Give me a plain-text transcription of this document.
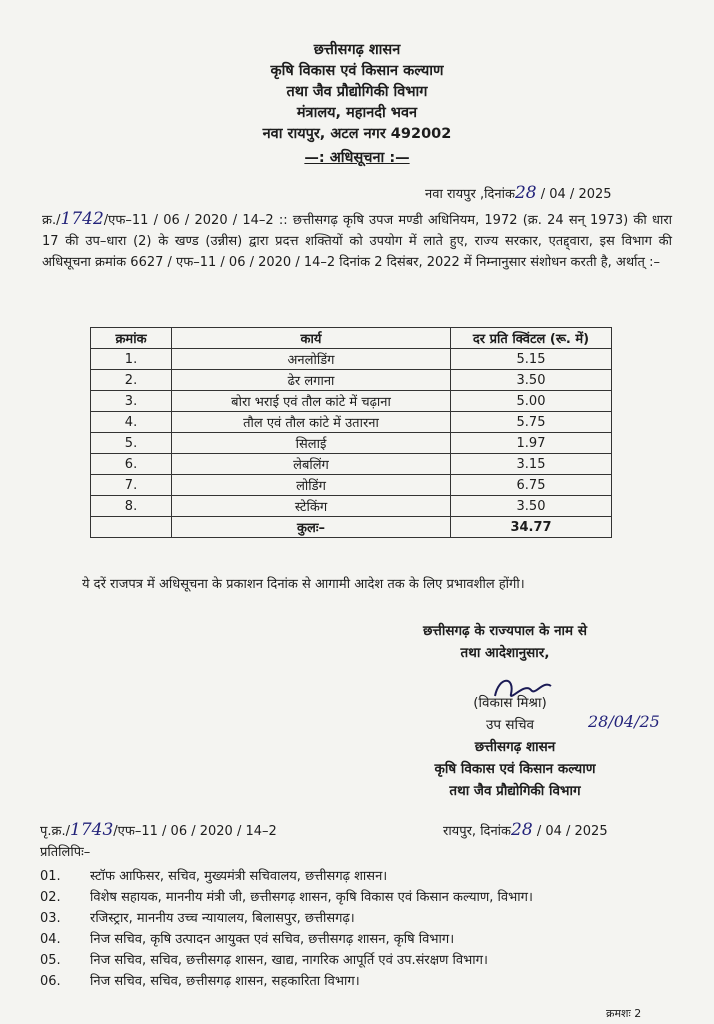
छत्तीसगढ़ शासन
कृषि विकास एवं किसान कल्याण
तथा जैव प्रौद्योगिकी विभाग
मंत्रालय, महानदी भवन
नवा रायपुर, अटल नगर 492002
—: अधिसूचना :—
नवा रायपुर ,दिनांक28 / 04 / 2025
क्र./1742/एफ–11 / 06 / 2020 / 14–2 :: छत्तीसगढ़ कृषि उपज मण्डी अधिनियम, 1972 (क्र. 24 सन् 1973) की धारा 17 की उप–धारा (2) के खण्ड (उन्नीस) द्वारा प्रदत्त शक्तियों को उपयोग में लाते हुए, राज्य सरकार, एतद्द्वारा, इस विभाग की अधिसूचना क्रमांक 6627 / एफ–11 / 06 / 2020 / 14–2 दिनांक 2 दिसंबर, 2022 में निम्नानुसार संशोधन करती है, अर्थात् :–
क्रमांक	कार्य	दर प्रति क्विंटल (रू. में)
1.	अनलोडिंग	5.15
2.	ढेर लगाना	3.50
3.	बोरा भराई एवं तौल कांटे में चढ़ाना	5.00
4.	तौल एवं तौल कांटे में उतारना	5.75
5.	सिलाई	1.97
6.	लेबलिंग	3.15
7.	लोडिंग	6.75
8.	स्टेकिंग	3.50
	कुलः–	34.77
ये दरें राजपत्र में अधिसूचना के प्रकाशन दिनांक से आगामी आदेश तक के लिए प्रभावशील होंगी।
छत्तीसगढ़ के राज्यपाल के नाम से
तथा आदेशानुसार,
(विकास मिश्रा)
उप सचिव	28/04/25
छत्तीसगढ़ शासन
कृषि विकास एवं किसान कल्याण
तथा जैव प्रौद्योगिकी विभाग
पृ.क्र./1743/एफ–11 / 06 / 2020 / 14–2	रायपुर, दिनांक28 / 04 / 2025
प्रतिलिपिः–
01.	स्टॉफ आफिसर, सचिव, मुख्यमंत्री सचिवालय, छत्तीसगढ़ शासन।
02.	विशेष सहायक, माननीय मंत्री जी, छत्तीसगढ़ शासन, कृषि विकास एवं किसान कल्याण, विभाग।
03.	रजिस्ट्रार, माननीय उच्च न्यायालय, बिलासपुर, छत्तीसगढ़।
04.	निज सचिव, कृषि उत्पादन आयुक्त एवं सचिव, छत्तीसगढ़ शासन, कृषि विभाग।
05.	निज सचिव, सचिव, छत्तीसगढ़ शासन, खाद्य, नागरिक आपूर्ति एवं उप.संरक्षण विभाग।
06.	निज सचिव, सचिव, छत्तीसगढ़ शासन, सहकारिता विभाग।
क्रमशः 2
